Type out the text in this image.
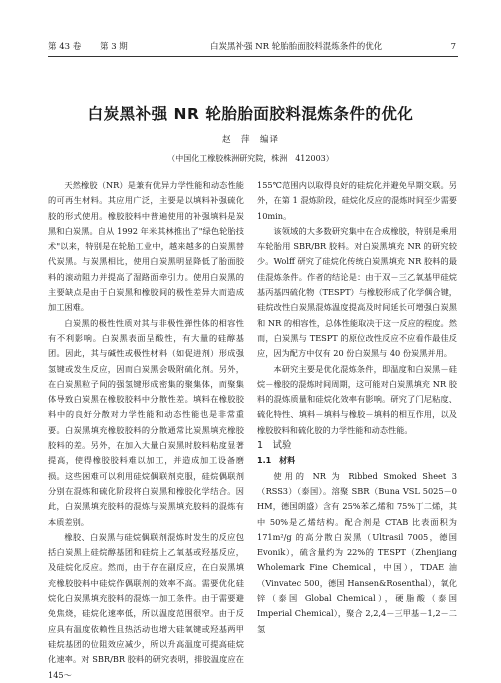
第 43 卷 第 3 期	白炭黑补强 NR 轮胎胎面胶料混炼条件的优化	7
白炭黑补强 NR 轮胎胎面胶料混炼条件的优化
赵　萍　编译
（中国化工橡胶株洲研究院，株洲　412003）

天然橡胶（NR）是兼有优异力学性能和动态性能的可再生材料。其应用广泛，主要是以填料补强硫化胶的形式使用。橡胶胶料中普遍使用的补强填料是炭黑和白炭黑。自从 1992 年米其林推出了"绿色轮胎技术"以来，特别是在轮胎工业中，越来越多的白炭黑替代炭黑。与炭黑相比，使用白炭黑明显降低了胎面胶料的滚动阻力并提高了湿路面牵引力。使用白炭黑的主要缺点是由于白炭黑和橡胶间的极性差异大而造成加工困难。

白炭黑的极性性质对其与非极性弹性体的相容性有不利影响。白炭黑表面呈酸性，有大量的硅醇基团。因此，其与碱性或极性材料（如促进剂）形成强氢键或发生反应，因而白炭黑会吸附硫化剂。另外，在白炭黑粒子间的强氢键形成密集的聚集体，而聚集体导致白炭黑在橡胶胶料中分散性差。填料在橡胶胶料中的良好分散对力学性能和动态性能也是非常重要。白炭黑填充橡胶胶料的分散通常比炭黑填充橡胶胶料的差。另外，在加入大量白炭黑时胶料粘度显著提高，使得橡胶胶料难以加工，并造成加工设备磨损。这些困难可以利用硅烷偶联剂克服，硅烷偶联剂分别在混炼和硫化阶段将白炭黑和橡胶化学结合。因此，白炭黑填充胶料的混炼与炭黑填充胶料的混炼有本质差别。

橡胶、白炭黑与硅烷偶联剂混炼时发生的反应包括白炭黑上硅烷醇基团和硅烷上乙氧基或羟基反应，及硅烷化反应。然而，由于存在副反应，在白炭黑填充橡胶胶料中硅烷作偶联剂的效率不高。需要优化硅烷化白炭黑填充胶料的混炼一加工条件。由于需要避免焦烧，硅烷化速率低，所以温度范围很窄。由于反应具有温度依赖性且热活动也增大硅氧键或羟基两甲硅烷基团的位阻效应减少，所以升高温度可提高硅烷化速率。对 SBR/BR 胶料的研究表明，排胶温度应在 145～

155℃范围内以取得良好的硅烷化并避免早期交联。另外，在第 1 混炼阶段，硅烷化反应的混炼时间至少需要 10min。

该领域的大多数研究集中在合成橡胶，特别是乘用车轮胎用 SBR/BR 胶料。对白炭黑填充 NR 的研究较少。Wolff 研究了硅烷化传统白炭黑填充 NR 胶料的最佳混炼条件。作者的结论是：由于双－三乙氧基甲硅烷基丙基四硫化物（TESPT）与橡胶形成了化学偶合键，硅烷改性白炭黑混炼温度提高及时间延长可增强白炭黑和 NR 的相容性，总体性能取决于这一反应的程度。然而，白炭黑与 TESPT 的原位改性反应不应看作最佳反应，因为配方中仅有 20 份白炭黑与 40 份炭黑并用。

本研究主要是优化混炼条件，即温度和白炭黑－硅烷－橡胶的混炼时间周期，这可能对白炭黑填充 NR 胶料的混炼质量和硅烷化效率有影响。研究了门尼粘度、硫化特性、填料－填料与橡胶－填料的相互作用，以及橡胶胶料和硫化胶的力学性能和动态性能。

1　试验

1.1　材料

使用的 NR 为 Ribbed Smoked Sheet 3（RSS3）（泰国）。溶聚 SBR（Buna VSL 5025－0 HM，德国朗盛）含有 25%苯乙烯和 75%丁二烯，其中 50%是乙烯结构。配合剂是 CTAB 比表面积为 171m²/g 的高分散白炭黑（Ultrasil 7005，德国 Evonik），硫含量约为 22%的 TESPT（Zhenjiang Wholemark Fine Chemical，中国），TDAE 油（Vinvatec 500，德国 Hansen&Rosenthal），氧化锌（泰国 Global Chemical），硬脂酸（泰国 Imperial Chemical），聚合 2,2,4－三甲基－1,2－二氢
